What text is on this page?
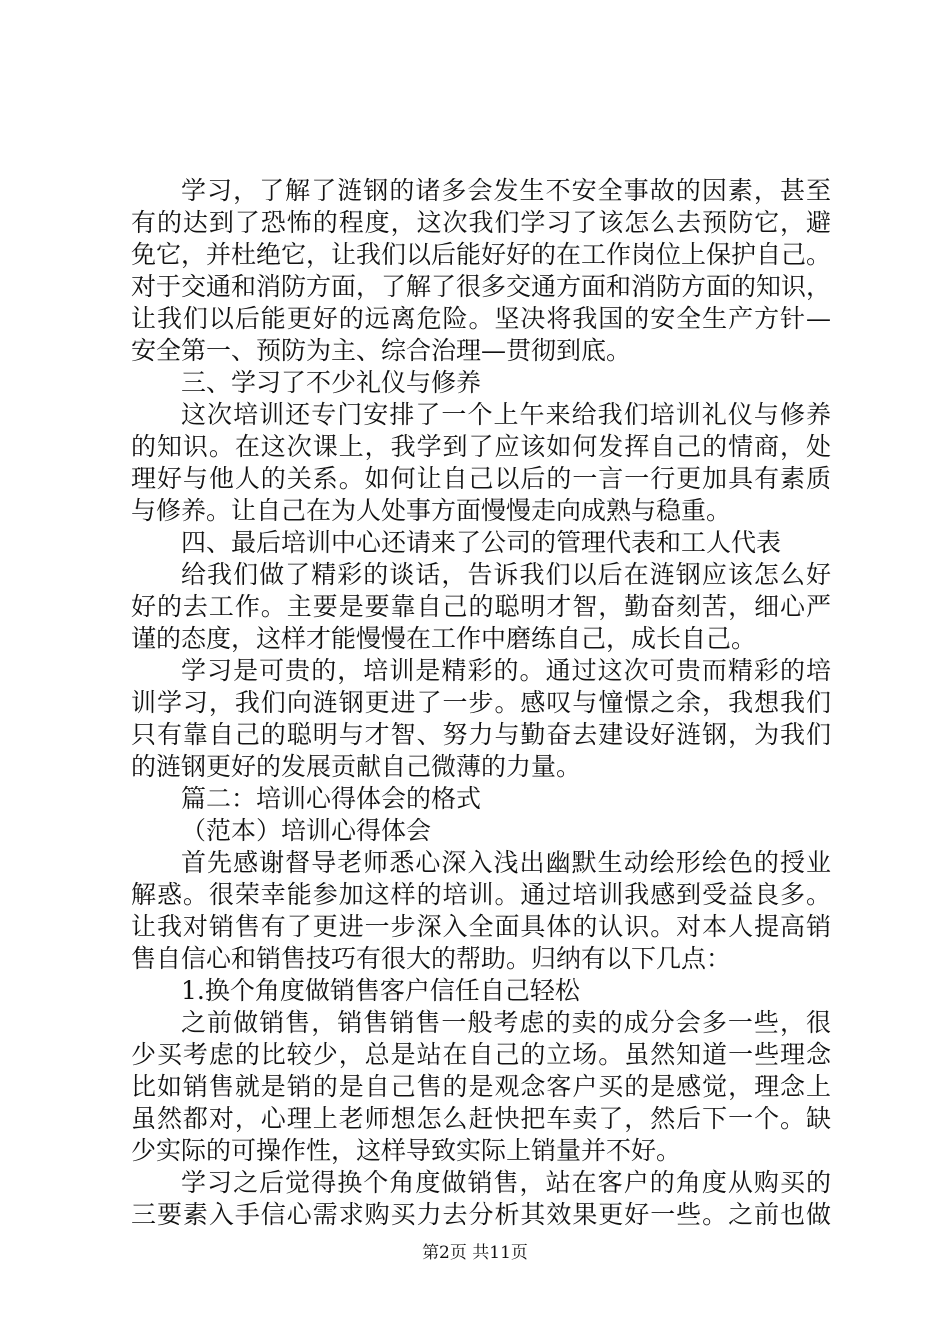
学习，了解了涟钢的诸多会发生不安全事故的因素，甚至
有的达到了恐怖的程度，这次我们学习了该怎么去预防它，避
免它，并杜绝它，让我们以后能好好的在工作岗位上保护自己。
对于交通和消防方面，了解了很多交通方面和消防方面的知识，
让我们以后能更好的远离危险。坚决将我国的安全生产方针—
安全第一、预防为主、综合治理—贯彻到底。
三、学习了不少礼仪与修养
这次培训还专门安排了一个上午来给我们培训礼仪与修养
的知识。在这次课上，我学到了应该如何发挥自己的情商，处
理好与他人的关系。如何让自己以后的一言一行更加具有素质
与修养。让自己在为人处事方面慢慢走向成熟与稳重。
四、最后培训中心还请来了公司的管理代表和工人代表
给我们做了精彩的谈话，告诉我们以后在涟钢应该怎么好
好的去工作。主要是要靠自己的聪明才智，勤奋刻苦，细心严
谨的态度，这样才能慢慢在工作中磨练自己，成长自己。
学习是可贵的，培训是精彩的。通过这次可贵而精彩的培
训学习，我们向涟钢更进了一步。感叹与憧憬之余，我想我们
只有靠自己的聪明与才智、努力与勤奋去建设好涟钢，为我们
的涟钢更好的发展贡献自己微薄的力量。
篇二：培训心得体会的格式
（范本）培训心得体会
首先感谢督导老师悉心深入浅出幽默生动绘形绘色的授业
解惑。很荣幸能参加这样的培训。通过培训我感到受益良多。
让我对销售有了更进一步深入全面具体的认识。对本人提高销
售自信心和销售技巧有很大的帮助。归纳有以下几点：
1.换个角度做销售客户信任自己轻松
之前做销售，销售销售一般考虑的卖的成分会多一些，很
少买考虑的比较少，总是站在自己的立场。虽然知道一些理念
比如销售就是销的是自己售的是观念客户买的是感觉，理念上
虽然都对，心理上老师想怎么赶快把车卖了，然后下一个。缺
少实际的可操作性，这样导致实际上销量并不好。
学习之后觉得换个角度做销售，站在客户的角度从购买的
三要素入手信心需求购买力去分析其效果更好一些。之前也做
第2页 共11页
